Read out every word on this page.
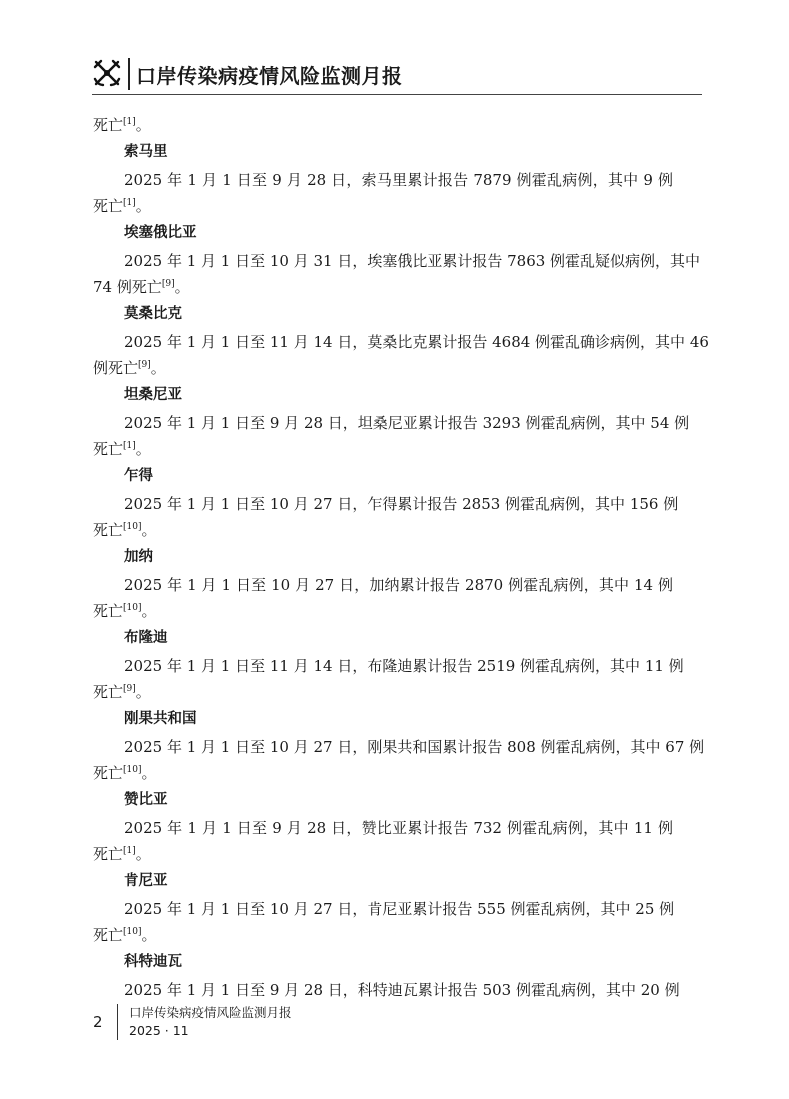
口岸传染病疫情风险监测月报
死亡[1]。
索马里
2025 年 1 月 1 日至 9 月 28 日，索马里累计报告 7879 例霍乱病例，其中 9 例
死亡[1]。
埃塞俄比亚
2025 年 1 月 1 日至 10 月 31 日，埃塞俄比亚累计报告 7863 例霍乱疑似病例，其中
74 例死亡[9]。
莫桑比克
2025 年 1 月 1 日至 11 月 14 日，莫桑比克累计报告 4684 例霍乱确诊病例，其中 46
例死亡[9]。
坦桑尼亚
2025 年 1 月 1 日至 9 月 28 日，坦桑尼亚累计报告 3293 例霍乱病例，其中 54 例
死亡[1]。
乍得
2025 年 1 月 1 日至 10 月 27 日，乍得累计报告 2853 例霍乱病例，其中 156 例
死亡[10]。
加纳
2025 年 1 月 1 日至 10 月 27 日，加纳累计报告 2870 例霍乱病例，其中 14 例
死亡[10]。
布隆迪
2025 年 1 月 1 日至 11 月 14 日，布隆迪累计报告 2519 例霍乱病例，其中 11 例
死亡[9]。
刚果共和国
2025 年 1 月 1 日至 10 月 27 日，刚果共和国累计报告 808 例霍乱病例，其中 67 例
死亡[10]。
赞比亚
2025 年 1 月 1 日至 9 月 28 日，赞比亚累计报告 732 例霍乱病例，其中 11 例
死亡[1]。
肯尼亚
2025 年 1 月 1 日至 10 月 27 日，肯尼亚累计报告 555 例霍乱病例，其中 25 例
死亡[10]。
科特迪瓦
2025 年 1 月 1 日至 9 月 28 日，科特迪瓦累计报告 503 例霍乱病例，其中 20 例
2
口岸传染病疫情风险监测月报
2025 · 11
